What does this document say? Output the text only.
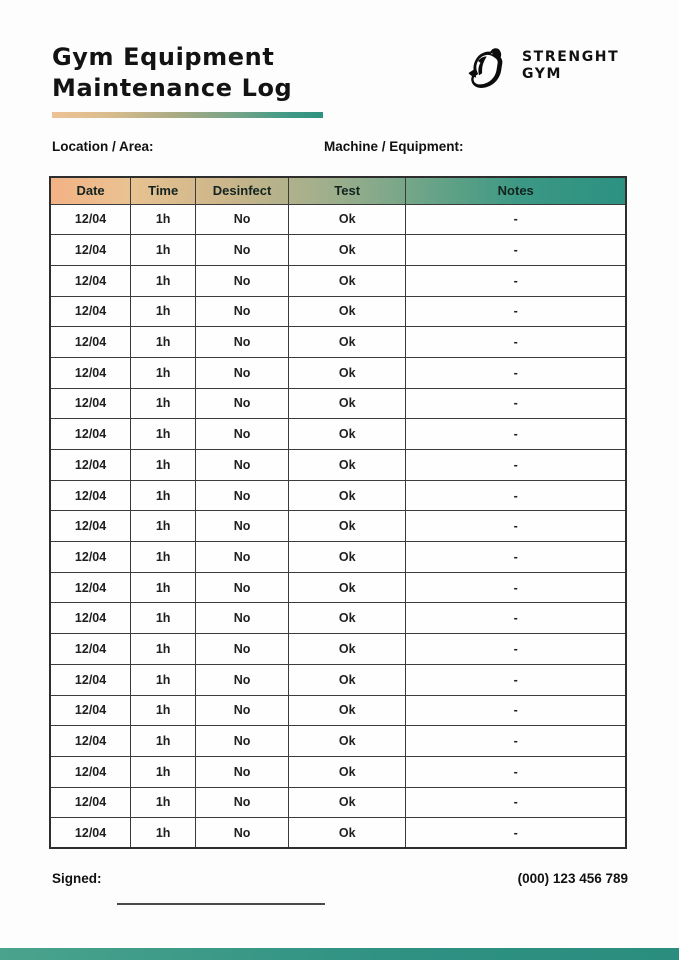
Gym Equipment
Maintenance Log
STRENGHT
GYM
Location / Area:	Machine / Equipment:
Date	Time	Desinfect	Test	Notes
12/04	1h	No	Ok	-
12/04	1h	No	Ok	-
12/04	1h	No	Ok	-
12/04	1h	No	Ok	-
12/04	1h	No	Ok	-
12/04	1h	No	Ok	-
12/04	1h	No	Ok	-
12/04	1h	No	Ok	-
12/04	1h	No	Ok	-
12/04	1h	No	Ok	-
12/04	1h	No	Ok	-
12/04	1h	No	Ok	-
12/04	1h	No	Ok	-
12/04	1h	No	Ok	-
12/04	1h	No	Ok	-
12/04	1h	No	Ok	-
12/04	1h	No	Ok	-
12/04	1h	No	Ok	-
12/04	1h	No	Ok	-
12/04	1h	No	Ok	-
12/04	1h	No	Ok	-
Signed:	(000) 123 456 789
